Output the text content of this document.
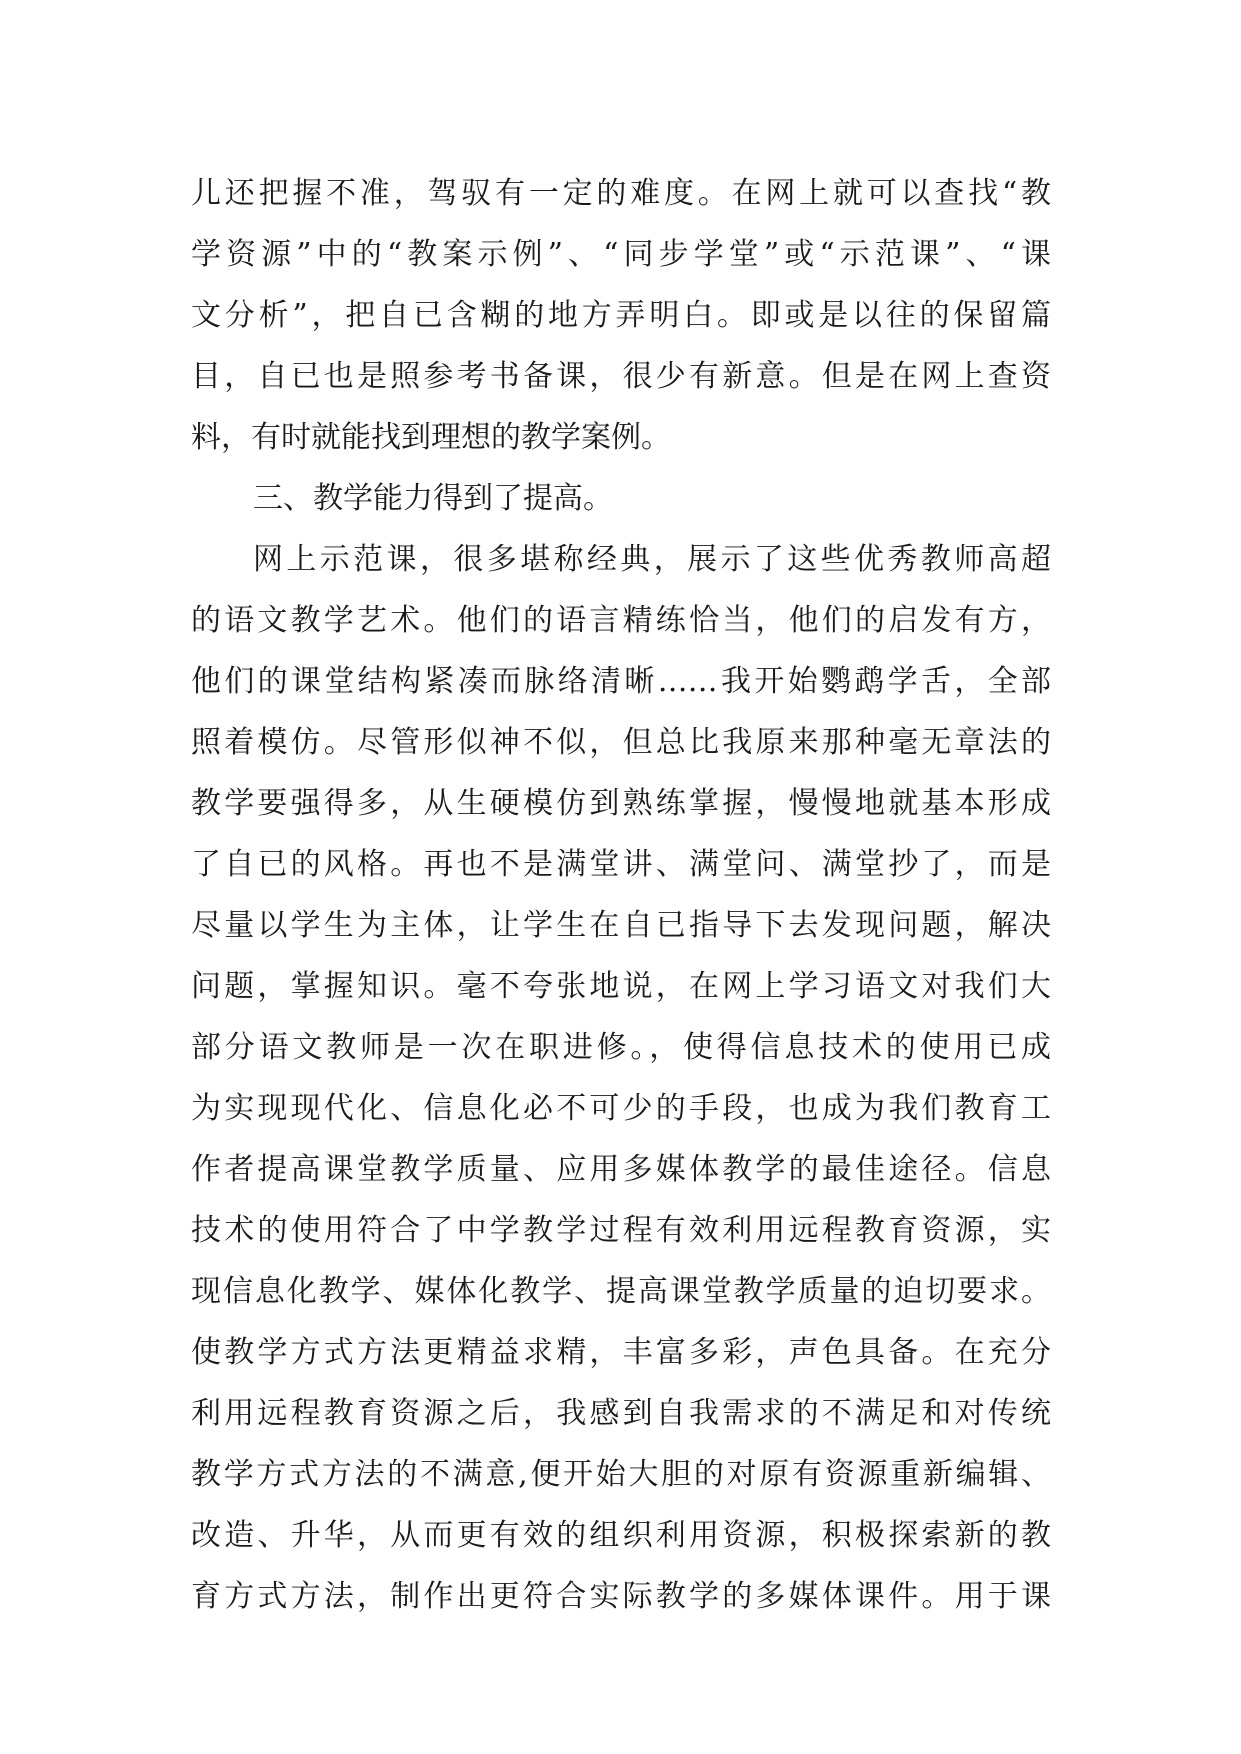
儿还把握不准，驾驭有一定的难度。在网上就可以查找“教
学资源”中的“教案示例”、“同步学堂”或“示范课”、“课
文分析”，把自已含糊的地方弄明白。即或是以往的保留篇
目，自已也是照参考书备课，很少有新意。但是在网上查资
料，有时就能找到理想的教学案例。
三、教学能力得到了提高。
网上示范课，很多堪称经典，展示了这些优秀教师高超
的语文教学艺术。他们的语言精练恰当，他们的启发有方，
他们的课堂结构紧凑而脉络清晰……我开始鹦鹉学舌，全部
照着模仿。尽管形似神不似，但总比我原来那种毫无章法的
教学要强得多，从生硬模仿到熟练掌握，慢慢地就基本形成
了自已的风格。再也不是满堂讲、满堂问、满堂抄了，而是
尽量以学生为主体，让学生在自已指导下去发现问题，解决
问题，掌握知识。毫不夸张地说，在网上学习语文对我们大
部分语文教师是一次在职进修。，使得信息技术的使用已成
为实现现代化、信息化必不可少的手段，也成为我们教育工
作者提高课堂教学质量、应用多媒体教学的最佳途径。信息
技术的使用符合了中学教学过程有效利用远程教育资源，实
现信息化教学、媒体化教学、提高课堂教学质量的迫切要求。
使教学方式方法更精益求精，丰富多彩，声色具备。在充分
利用远程教育资源之后，我感到自我需求的不满足和对传统
教学方式方法的不满意,便开始大胆的对原有资源重新编辑、
改造、升华，从而更有效的组织利用资源，积极探索新的教
育方式方法，制作出更符合实际教学的多媒体课件。用于课
